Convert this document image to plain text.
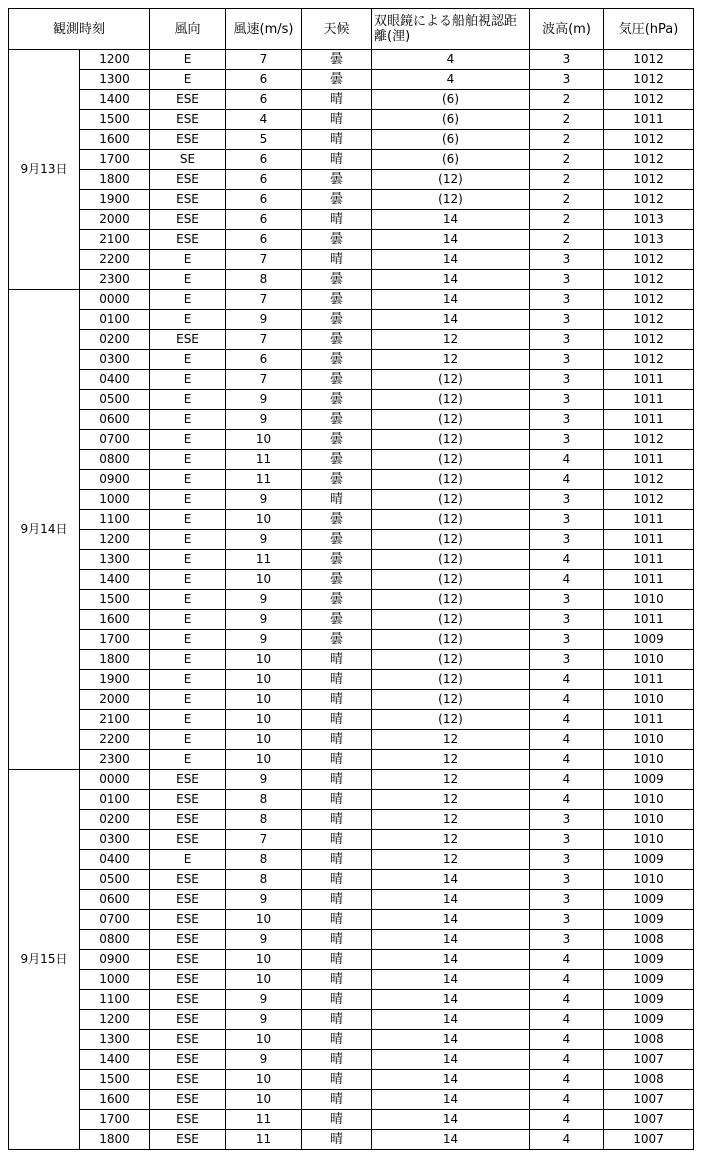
観測時刻		風向	風速(m/s)	天候	双眼鏡による船舶視認距離(浬)	波高(m)	気圧(hPa)
9月13日	1200	E	7	曇	4	3	1012
	1300	E	6	曇	4	3	1012
	1400	ESE	6	晴	(6)	2	1012
	1500	ESE	4	晴	(6)	2	1011
	1600	ESE	5	晴	(6)	2	1012
	1700	SE	6	晴	(6)	2	1012
	1800	ESE	6	曇	(12)	2	1012
	1900	ESE	6	曇	(12)	2	1012
	2000	ESE	6	晴	14	2	1013
	2100	ESE	6	曇	14	2	1013
	2200	E	7	晴	14	3	1012
	2300	E	8	曇	14	3	1012
9月14日	0000	E	7	曇	14	3	1012
	0100	E	9	曇	14	3	1012
	0200	ESE	7	曇	12	3	1012
	0300	E	6	曇	12	3	1012
	0400	E	7	曇	(12)	3	1011
	0500	E	9	曇	(12)	3	1011
	0600	E	9	曇	(12)	3	1011
	0700	E	10	曇	(12)	3	1012
	0800	E	11	曇	(12)	4	1011
	0900	E	11	曇	(12)	4	1012
	1000	E	9	晴	(12)	3	1012
	1100	E	10	曇	(12)	3	1011
	1200	E	9	曇	(12)	3	1011
	1300	E	11	曇	(12)	4	1011
	1400	E	10	曇	(12)	4	1011
	1500	E	9	曇	(12)	3	1010
	1600	E	9	曇	(12)	3	1011
	1700	E	9	曇	(12)	3	1009
	1800	E	10	晴	(12)	3	1010
	1900	E	10	晴	(12)	4	1011
	2000	E	10	晴	(12)	4	1010
	2100	E	10	晴	(12)	4	1011
	2200	E	10	晴	12	4	1010
	2300	E	10	晴	12	4	1010
9月15日	0000	ESE	9	晴	12	4	1009
	0100	ESE	8	晴	12	4	1010
	0200	ESE	8	晴	12	3	1010
	0300	ESE	7	晴	12	3	1010
	0400	E	8	晴	12	3	1009
	0500	ESE	8	晴	14	3	1010
	0600	ESE	9	晴	14	3	1009
	0700	ESE	10	晴	14	3	1009
	0800	ESE	9	晴	14	3	1008
	0900	ESE	10	晴	14	4	1009
	1000	ESE	10	晴	14	4	1009
	1100	ESE	9	晴	14	4	1009
	1200	ESE	9	晴	14	4	1009
	1300	ESE	10	晴	14	4	1008
	1400	ESE	9	晴	14	4	1007
	1500	ESE	10	晴	14	4	1008
	1600	ESE	10	晴	14	4	1007
	1700	ESE	11	晴	14	4	1007
	1800	ESE	11	晴	14	4	1007
